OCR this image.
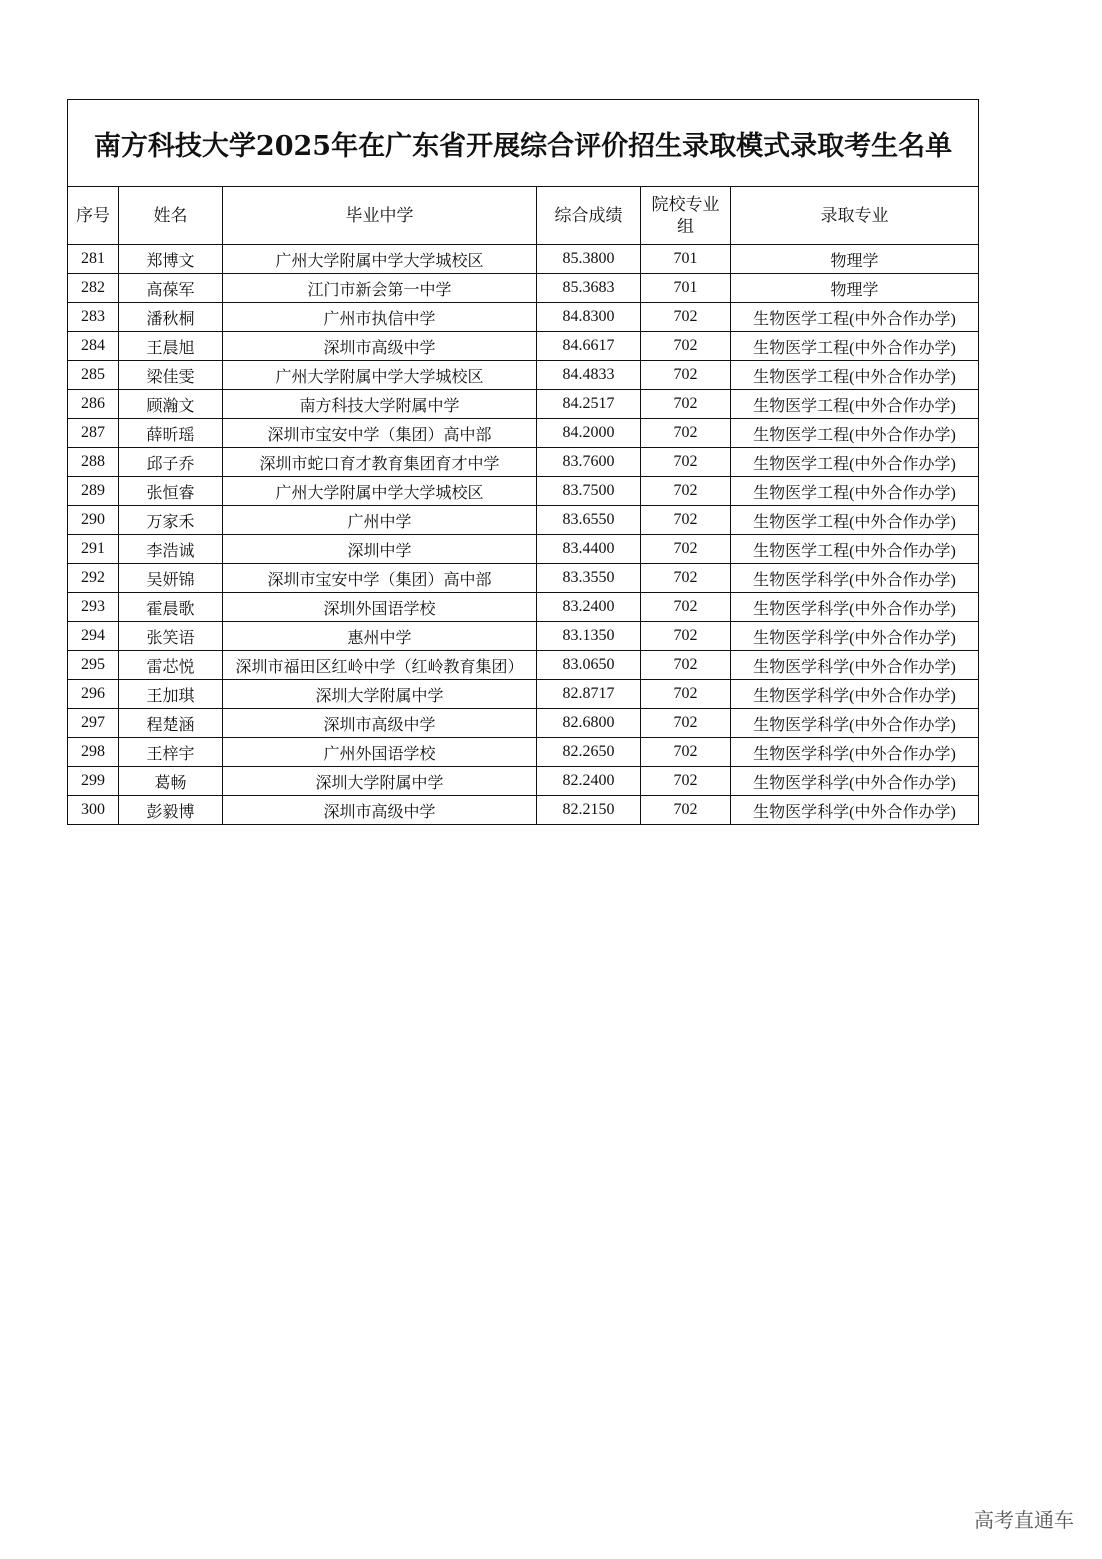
南方科技大学2025年在广东省开展综合评价招生录取模式录取考生名单					
序号	姓名	毕业中学	综合成绩	院校专业组	录取专业
281	郑博文	广州大学附属中学大学城校区	85.3800	701	物理学
282	高葆军	江门市新会第一中学	85.3683	701	物理学
283	潘秋桐	广州市执信中学	84.8300	702	生物医学工程(中外合作办学)
284	王晨旭	深圳市高级中学	84.6617	702	生物医学工程(中外合作办学)
285	梁佳雯	广州大学附属中学大学城校区	84.4833	702	生物医学工程(中外合作办学)
286	顾瀚文	南方科技大学附属中学	84.2517	702	生物医学工程(中外合作办学)
287	薛昕瑶	深圳市宝安中学（集团）高中部	84.2000	702	生物医学工程(中外合作办学)
288	邱子乔	深圳市蛇口育才教育集团育才中学	83.7600	702	生物医学工程(中外合作办学)
289	张恒睿	广州大学附属中学大学城校区	83.7500	702	生物医学工程(中外合作办学)
290	万家禾	广州中学	83.6550	702	生物医学工程(中外合作办学)
291	李浩诚	深圳中学	83.4400	702	生物医学工程(中外合作办学)
292	吴妍锦	深圳市宝安中学（集团）高中部	83.3550	702	生物医学科学(中外合作办学)
293	霍晨歌	深圳外国语学校	83.2400	702	生物医学科学(中外合作办学)
294	张笑语	惠州中学	83.1350	702	生物医学科学(中外合作办学)
295	雷芯悦	深圳市福田区红岭中学（红岭教育集团）	83.0650	702	生物医学科学(中外合作办学)
296	王加琪	深圳大学附属中学	82.8717	702	生物医学科学(中外合作办学)
297	程楚涵	深圳市高级中学	82.6800	702	生物医学科学(中外合作办学)
298	王梓宇	广州外国语学校	82.2650	702	生物医学科学(中外合作办学)
299	葛畅	深圳大学附属中学	82.2400	702	生物医学科学(中外合作办学)
300	彭毅博	深圳市高级中学	82.2150	702	生物医学科学(中外合作办学)
高考直通车
